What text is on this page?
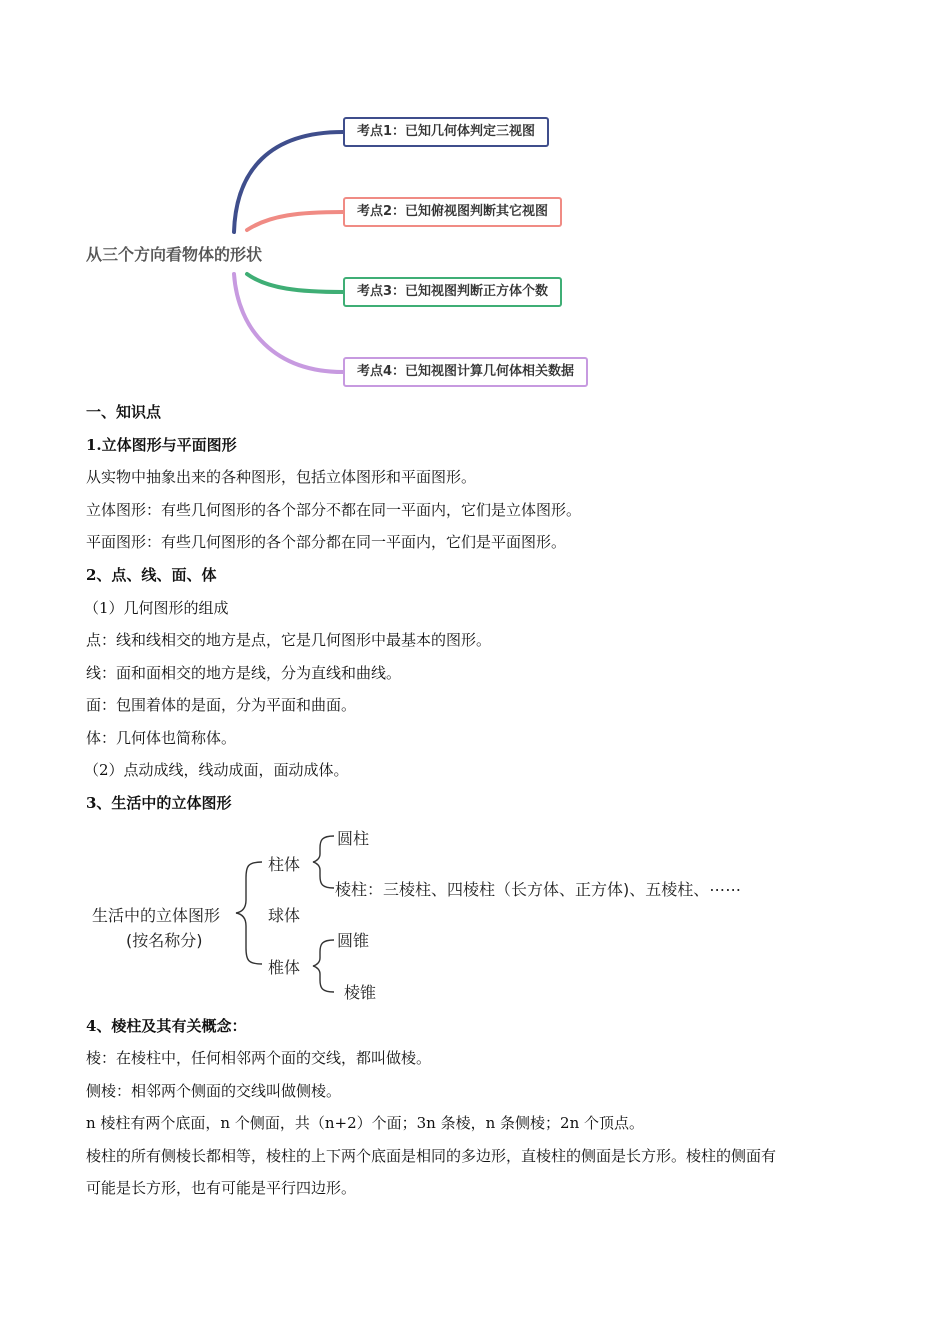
从三个方向看物体的形状
考点1：已知几何体判定三视图
考点2：已知俯视图判断其它视图
考点3：已知视图判断正方体个数
考点4：已知视图计算几何体相关数据
一、知识点
1.立体图形与平面图形
从实物中抽象出来的各种图形，包括立体图形和平面图形。
立体图形：有些几何图形的各个部分不都在同一平面内，它们是立体图形。
平面图形：有些几何图形的各个部分都在同一平面内，它们是平面图形。
2、点、线、面、体
（1）几何图形的组成
点：线和线相交的地方是点，它是几何图形中最基本的图形。
线：面和面相交的地方是线，分为直线和曲线。
面：包围着体的是面，分为平面和曲面。
体：几何体也简称体。
（2）点动成线，线动成面，面动成体。
3、生活中的立体图形
生活中的立体图形
(按名称分)
柱体
圆柱
棱柱：三棱柱、四棱柱（长方体、正方体)、五棱柱、⋯⋯
球体
椎体
圆锥
棱锥
4、棱柱及其有关概念：
棱：在棱柱中，任何相邻两个面的交线，都叫做棱。
侧棱：相邻两个侧面的交线叫做侧棱。
n 棱柱有两个底面，n 个侧面，共（n+2）个面；3n 条棱，n 条侧棱；2n 个顶点。
棱柱的所有侧棱长都相等，棱柱的上下两个底面是相同的多边形，直棱柱的侧面是长方形。棱柱的侧面有
可能是长方形，也有可能是平行四边形。
